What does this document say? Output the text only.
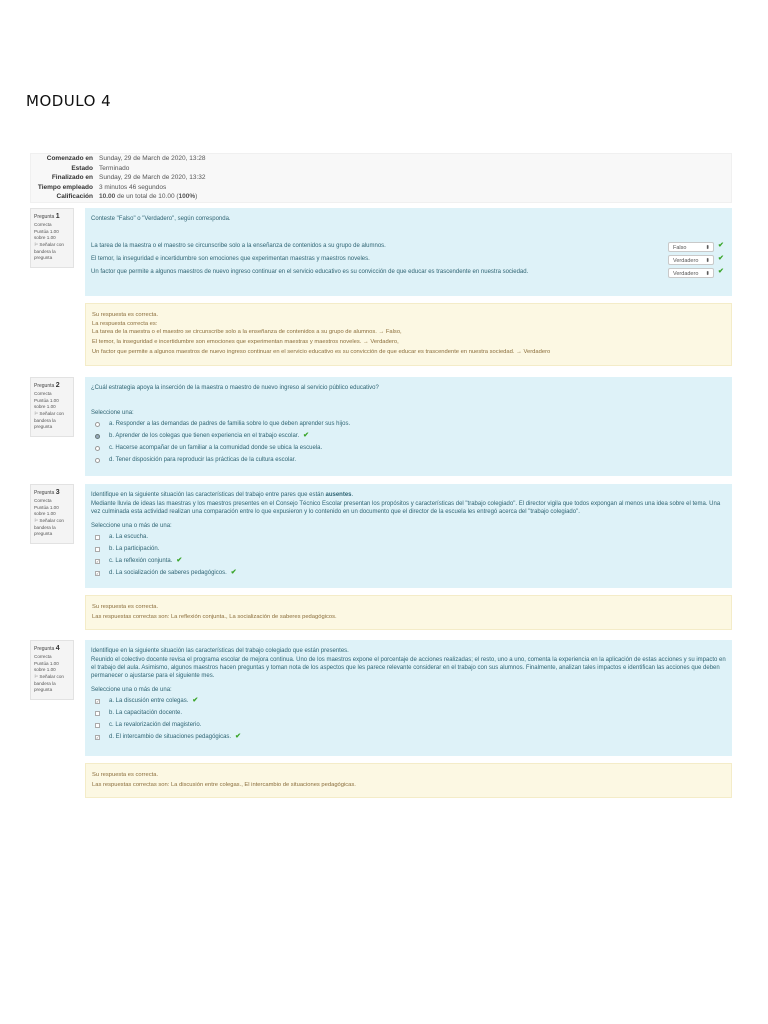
MODULO 4
Comenzado en Sunday, 29 de March de 2020, 13:28
Estado Terminado
Finalizado en Sunday, 29 de March de 2020, 13:32
Tiempo empleado 3 minutos 46 segundos
Calificación 10.00 de un total de 10.00 (100%)
Pregunta 1
Correcta
Puntúa 1.00
sobre 1.00
⚐ Señalar con
bandera la
pregunta
Conteste "Falso" o "Verdadero", según corresponda.
La tarea de la maestra o el maestro se circunscribe solo a la enseñanza de contenidos a su grupo de alumnos.	Falso	⬍ ✔
El temor, la inseguridad e incertidumbre son emociones que experimentan maestras y maestros noveles.	Verdadero ⬍ ✔
Un factor que permite a algunos maestros de nuevo ingreso continuar en el servicio educativo es su convicción de que educar es trascendente en nuestra sociedad.	Verdadero ⬍ ✔
Su respuesta es correcta.
La respuesta correcta es:
La tarea de la maestra o el maestro se circunscribe solo a la enseñanza de contenidos a su grupo de alumnos. → Falso,
El temor, la inseguridad e incertidumbre son emociones que experimentan maestras y maestros noveles. → Verdadero,
Un factor que permite a algunos maestros de nuevo ingreso continuar en el servicio educativo es su convicción de que educar es trascendente en nuestra sociedad. → Verdadero
Pregunta 2
Correcta
Puntúa 1.00
sobre 1.00
⚐ Señalar con
bandera la
pregunta
¿Cuál estrategia apoya la inserción de la maestra o maestro de nuevo ingreso al servicio público educativo?
Seleccione una:
a. Responder a las demandas de padres de familia sobre lo que deben aprender sus hijos.
b. Aprender de los colegas que tienen experiencia en el trabajo escolar. ✔
c. Hacerse acompañar de un familiar a la comunidad donde se ubica la escuela.
d. Tener disposición para reproducir las prácticas de la cultura escolar.
Pregunta 3
Correcta
Puntúa 1.00
sobre 1.00
⚐ Señalar con
bandera la
pregunta
Identifique en la siguiente situación las características del trabajo entre pares que están ausentes.
Mediante lluvia de ideas las maestras y los maestros presentes en el Consejo Técnico Escolar presentan los propósitos y características del "trabajo colegiado". El director vigila que todos expongan al menos una idea sobre el tema. Una vez culminada esta actividad realizan una comparación entre lo que expusieron y lo contenido en un documento que el director de la escuela les entregó acerca del "trabajo colegiado".
Seleccione una o más de una:
a. La escucha.
b. La participación.
✓ c. La reflexión conjunta. ✔
✓ d. La socialización de saberes pedagógicos. ✔
Su respuesta es correcta.
Las respuestas correctas son: La reflexión conjunta., La socialización de saberes pedagógicos.
Pregunta 4
Correcta
Puntúa 1.00
sobre 1.00
⚐ Señalar con
bandera la
pregunta
Identifique en la siguiente situación las características del trabajo colegiado que están presentes.
Reunido el colectivo docente revisa el programa escolar de mejora continua. Uno de los maestros expone el porcentaje de acciones realizadas; el resto, uno a uno, comenta la experiencia en la aplicación de estas acciones y su impacto en el trabajo del aula. Asimismo, algunos maestros hacen preguntas y toman nota de los aspectos que les parece relevante considerar en el trabajo con sus alumnos. Finalmente, analizan tales impactos e identifican las acciones que deben permanecer o ajustarse para el siguiente mes.
Seleccione una o más de una:
✓ a. La discusión entre colegas. ✔
b. La capacitación docente.
c. La revalorización del magisterio.
✓ d. El intercambio de situaciones pedagógicas. ✔
Su respuesta es correcta.
Las respuestas correctas son: La discusión entre colegas., El intercambio de situaciones pedagógicas.
